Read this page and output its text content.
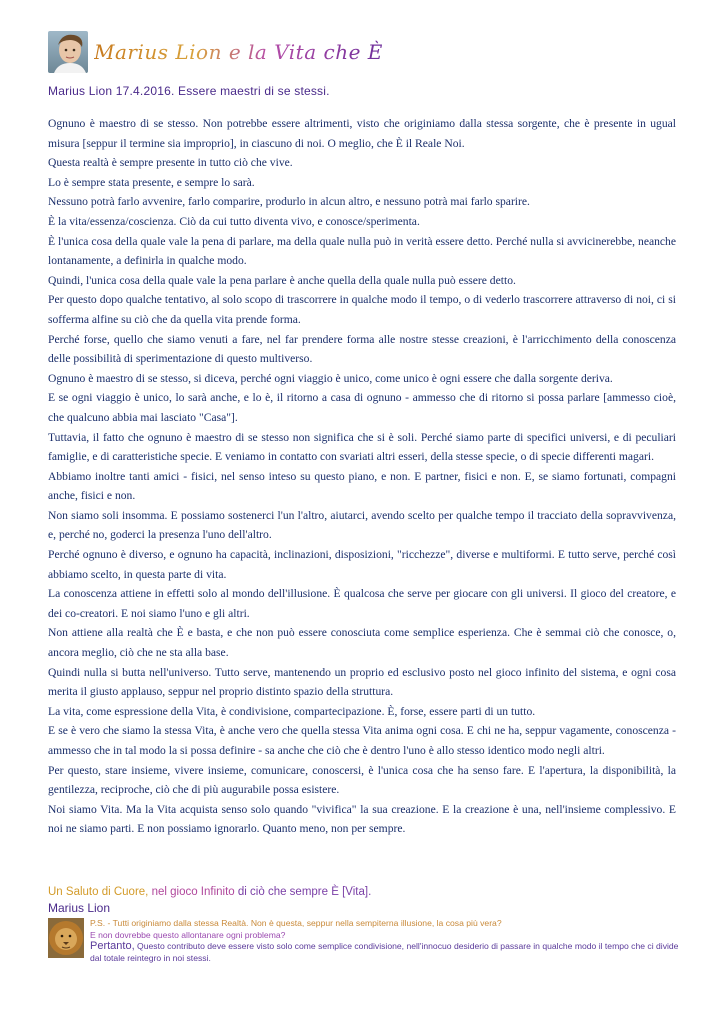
Marius Lion e la Vita che È
Marius Lion 17.4.2016. Essere maestri di se stessi.

Ognuno è maestro di se stesso. Non potrebbe essere altrimenti, visto che originiamo dalla stessa sorgente, che è presente in ugual misura [seppur il termine sia improprio], in ciascuno di noi. O meglio, che È il Reale Noi.

Questa realtà è sempre presente in tutto ciò che vive.

Lo è sempre stata presente, e sempre lo sarà.

Nessuno potrà farlo avvenire, farlo comparire, produrlo in alcun altro, e nessuno potrà mai farlo sparire.

È la vita/essenza/coscienza. Ciò da cui tutto diventa vivo, e conosce/sperimenta.

È l'unica cosa della quale vale la pena di parlare, ma della quale nulla può in verità essere detto. Perché nulla si avvicinerebbe, neanche lontanamente, a definirla in qualche modo.

Quindi, l'unica cosa della quale vale la pena parlare è anche quella della quale nulla può essere detto.

Per questo dopo qualche tentativo, al solo scopo di trascorrere in qualche modo il tempo, o di vederlo trascorrere attraverso di noi, ci si sofferma alfine su ciò che da quella vita prende forma.

Perché forse, quello che siamo venuti a fare, nel far prendere forma alle nostre stesse creazioni, è l'arricchimento della conoscenza delle possibilità di sperimentazione di questo multiverso.

Ognuno è maestro di se stesso, si diceva, perché ogni viaggio è unico, come unico è ogni essere che dalla sorgente deriva.

E se ogni viaggio è unico, lo sarà anche, e lo è, il ritorno a casa di ognuno - ammesso che di ritorno si possa parlare [ammesso cioè, che qualcuno abbia mai lasciato "Casa"].

Tuttavia, il fatto che ognuno è maestro di se stesso non significa che si è soli. Perché siamo parte di specifici universi, e di peculiari famiglie, e di caratteristiche specie. E veniamo in contatto con svariati altri esseri, della stesse specie, o di specie differenti magari.

Abbiamo inoltre tanti amici - fisici, nel senso inteso su questo piano, e non. E partner, fisici e non. E, se siamo fortunati, compagni anche, fisici e non.

Non siamo soli insomma. E possiamo sostenerci l'un l'altro, aiutarci, avendo scelto per qualche tempo il tracciato della sopravvivenza, e, perché no, goderci la presenza l'uno dell'altro.

Perché ognuno è diverso, e ognuno ha capacità, inclinazioni, disposizioni, "ricchezze", diverse e multiformi. E tutto serve, perché così abbiamo scelto, in questa parte di vita.

La conoscenza attiene in effetti solo al mondo dell'illusione. È qualcosa che serve per giocare con gli universi. Il gioco del creatore, e dei co-creatori. E noi siamo l'uno e gli altri.

Non attiene alla realtà che È e basta, e che non può essere conosciuta come semplice esperienza. Che è semmai ciò che conosce, o, ancora meglio, ciò che ne sta alla base.

Quindi nulla si butta nell'universo. Tutto serve, mantenendo un proprio ed esclusivo posto nel gioco infinito del sistema, e ogni cosa merita il giusto applauso, seppur nel proprio distinto spazio della struttura.

La vita, come espressione della Vita, è condivisione, compartecipazione. È, forse, essere parti di un tutto.

E se è vero che siamo la stessa Vita, è anche vero che quella stessa Vita anima ogni cosa. E chi ne ha, seppur vagamente, conoscenza - ammesso che in tal modo la si possa definire - sa anche che ciò che è dentro l'uno è allo stesso identico modo negli altri.

Per questo, stare insieme, vivere insieme, comunicare, conoscersi, è l'unica cosa che ha senso fare. E l'apertura, la disponibilità, la gentilezza, reciproche, ciò che di più augurabile possa esistere.

Noi siamo Vita. Ma la Vita acquista senso solo quando "vivifica" la sua creazione. E la creazione è una, nell'insieme complessivo. E noi ne siamo parti. E non possiamo ignorarlo. Quanto meno, non per sempre.

Un Saluto di Cuore, nel gioco Infinito di ciò che sempre È [Vita].
Marius Lion
P.S. - Tutti originiamo dalla stessa Realtà. Non è questa, seppur nella sempiterna illusione, la cosa più vera?
E non dovrebbe questo allontanare ogni problema?
Pertanto, Questo contributo deve essere visto solo come semplice condivisione, nell'innocuo desiderio di passare in qualche modo il tempo che ci divide dal totale reintegro in noi stessi.
